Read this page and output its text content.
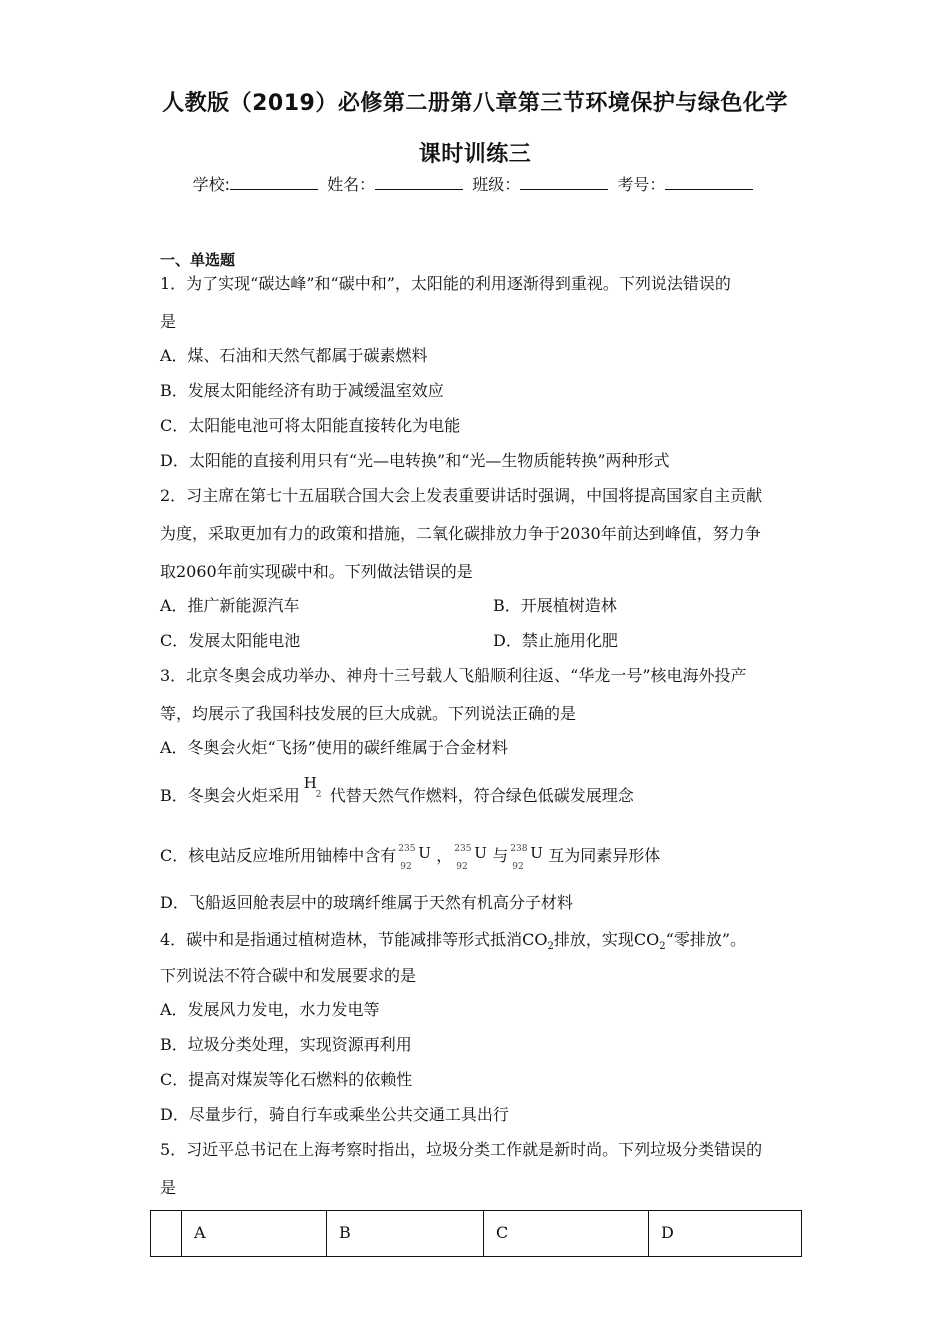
人教版（2019）必修第二册第八章第三节环境保护与绿色化学
课时训练三
学校:	姓名：	班级：	考号：
一、单选题
1．为了实现“碳达峰”和“碳中和”，太阳能的利用逐渐得到重视。下列说法错误的
是
A．煤、石油和天然气都属于碳素燃料
B．发展太阳能经济有助于减缓温室效应
C．太阳能电池可将太阳能直接转化为电能
D．太阳能的直接利用只有“光—电转换”和“光—生物质能转换”两种形式
2．习主席在第七十五届联合国大会上发表重要讲话时强调，中国将提高国家自主贡献
为度，采取更加有力的政策和措施，二氧化碳排放力争于2030年前达到峰值，努力争
取2060年前实现碳中和。下列做法错误的是
A．推广新能源汽车	B．开展植树造林
C．发展太阳能电池	D．禁止施用化肥
3．北京冬奥会成功举办、神舟十三号载人飞船顺利往返、“华龙一号”核电海外投产
等，均展示了我国科技发展的巨大成就。下列说法正确的是
A．冬奥会火炬“飞扬”使用的碳纤维属于合金材料
B．冬奥会火炬采用
H
2 代替天然气作燃料，符合绿色低碳发展理念
C．核电站反应堆所用铀棒中含有 235
92
U ， 235
92
U 与 238
92
U 互为同素异形体
D．飞船返回舱表层中的玻璃纤维属于天然有机高分子材料
4．碳中和是指通过植树造林，节能减排等形式抵消$CO_2$排放，实现$CO_2“$零排放”。
下列说法不符合碳中和发展要求的是
A．发展风力发电，水力发电等
B．垃圾分类处理，实现资源再利用
C．提高对煤炭等化石燃料的依赖性
D．尽量步行，骑自行车或乘坐公共交通工具出行
5．习近平总书记在上海考察时指出，垃圾分类工作就是新时尚。下列垃圾分类错误的
是
	A	B	C	D
